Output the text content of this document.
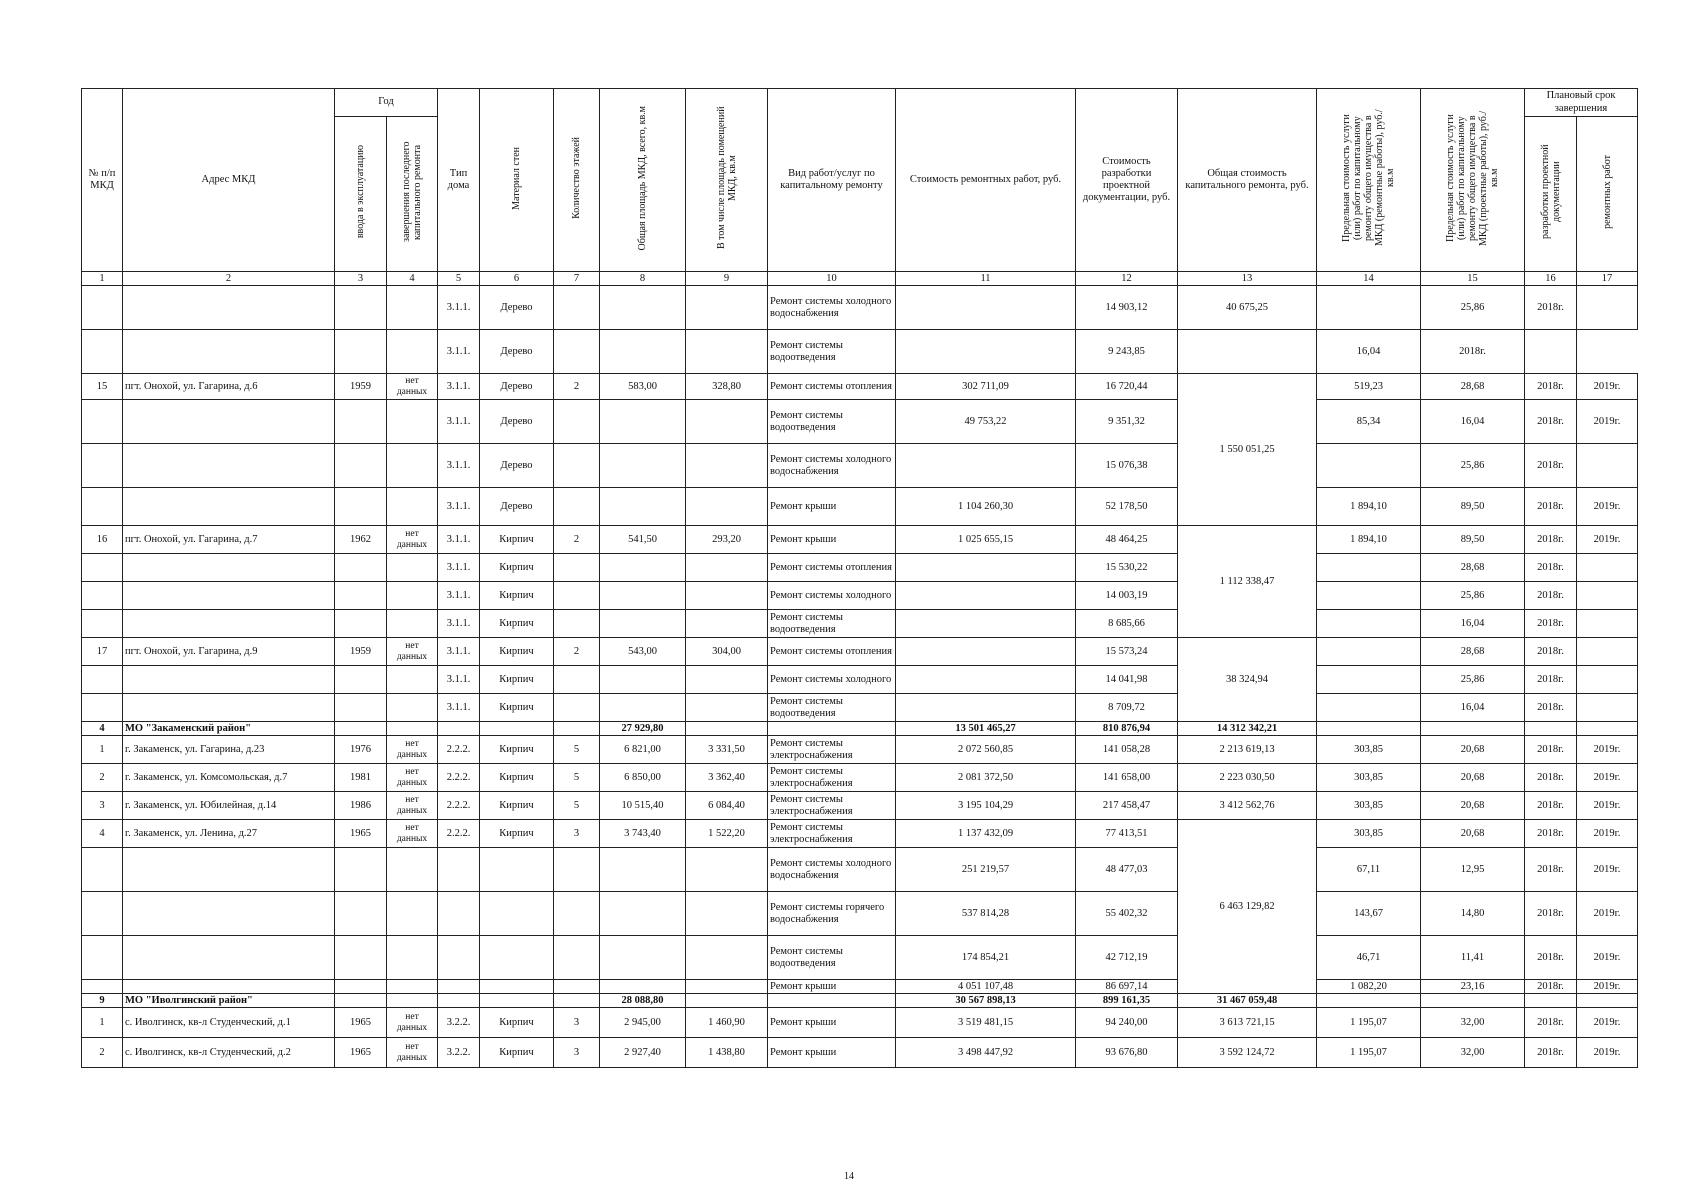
№ п/п МКД	Адрес МКД	Год		Тип дома	Материал стен	Количество этажей	Общая площадь МКД, всего, кв.м	В том числе площадь помещений МКД, кв.м	Вид работ/услуг по капитальному ремонту	Стоимость ремонтных работ, руб.	Стоимость разработки проектной документации, руб.	Общая стоимость капитального ремонта, руб.	Предельная стоимость услуги (или) работ по капитальному ремонту общего имущества в МКД (ремонтные работы), руб./кв.м	Предельная стоимость услуги (или) работ по капитальному ремонту общего имущества в МКД (проектные работы), руб./кв.м	Плановый срок завершения	
		ввода в эксплуатацию	завершения последнего капитального ремонта												разработки проектной документации	ремонтных работ
1	2	3	4	5	6	7	8	9	10	11	12	13	14	15	16	17
				3.1.1.	Дерево				Ремонт системы холодного водоснабжения		14 903,12	40 675,25		25,86	2018г.	
				3.1.1.	Дерево				Ремонт системы водоотведения		9 243,85		16,04	2018г.		
15	пгт. Онохой, ул. Гагарина, д.6	1959	нет данных	3.1.1.	Дерево	2	583,00	328,80	Ремонт системы отопления	302 711,09	16 720,44	1 550 051,25	519,23	28,68	2018г.	2019г.
				3.1.1.	Дерево				Ремонт системы водоотведения	49 753,22	9 351,32		85,34	16,04	2018г.	2019г.
				3.1.1.	Дерево				Ремонт системы холодного водоснабжения		15 076,38			25,86	2018г.	
				3.1.1.	Дерево				Ремонт крыши	1 104 260,30	52 178,50		1 894,10	89,50	2018г.	2019г.
16	пгт. Онохой, ул. Гагарина, д.7	1962	нет данных	3.1.1.	Кирпич	2	541,50	293,20	Ремонт крыши	1 025 655,15	48 464,25	1 112 338,47	1 894,10	89,50	2018г.	2019г.
				3.1.1.	Кирпич				Ремонт системы отопления		15 530,22			28,68	2018г.	
				3.1.1.	Кирпич				Ремонт системы холодного		14 003,19			25,86	2018г.	
				3.1.1.	Кирпич				Ремонт системы водоотведения		8 685,66			16,04	2018г.	
17	пгт. Онохой, ул. Гагарина, д.9	1959	нет данных	3.1.1.	Кирпич	2	543,00	304,00	Ремонт системы отопления		15 573,24	38 324,94		28,68	2018г.	
				3.1.1.	Кирпич				Ремонт системы холодного		14 041,98			25,86	2018г.	
				3.1.1.	Кирпич				Ремонт системы водоотведения		8 709,72			16,04	2018г.	
4	МО "Закаменский район"						27 929,80			13 501 465,27	810 876,94	14 312 342,21				
1	г. Закаменск, ул. Гагарина, д.23	1976	нет данных	2.2.2.	Кирпич	5	6 821,00	3 331,50	Ремонт системы электроснабжения	2 072 560,85	141 058,28	2 213 619,13	303,85	20,68	2018г.	2019г.
2	г. Закаменск, ул. Комсомольская, д.7	1981	нет данных	2.2.2.	Кирпич	5	6 850,00	3 362,40	Ремонт системы электроснабжения	2 081 372,50	141 658,00	2 223 030,50	303,85	20,68	2018г.	2019г.
3	г. Закаменск, ул. Юбилейная, д.14	1986	нет данных	2.2.2.	Кирпич	5	10 515,40	6 084,40	Ремонт системы электроснабжения	3 195 104,29	217 458,47	3 412 562,76	303,85	20,68	2018г.	2019г.
4	г. Закаменск, ул. Ленина, д.27	1965	нет данных	2.2.2.	Кирпич	3	3 743,40	1 522,20	Ремонт системы электроснабжения	1 137 432,09	77 413,51	6 463 129,82	303,85	20,68	2018г.	2019г.
									Ремонт системы холодного водоснабжения	251 219,57	48 477,03		67,11	12,95	2018г.	2019г.
									Ремонт системы горячего водоснабжения	537 814,28	55 402,32		143,67	14,80	2018г.	2019г.
									Ремонт системы водоотведения	174 854,21	42 712,19		46,71	11,41	2018г.	2019г.
									Ремонт крыши	4 051 107,48	86 697,14		1 082,20	23,16	2018г.	2019г.
9	МО "Иволгинский район"						28 088,80			30 567 898,13	899 161,35	31 467 059,48				
1	с. Иволгинск, кв-л Студенческий, д.1	1965	нет данных	3.2.2.	Кирпич	3	2 945,00	1 460,90	Ремонт крыши	3 519 481,15	94 240,00	3 613 721,15	1 195,07	32,00	2018г.	2019г.
2	с. Иволгинск, кв-л Студенческий, д.2	1965	нет данных	3.2.2.	Кирпич	3	2 927,40	1 438,80	Ремонт крыши	3 498 447,92	93 676,80	3 592 124,72	1 195,07	32,00	2018г.	2019г.
14
